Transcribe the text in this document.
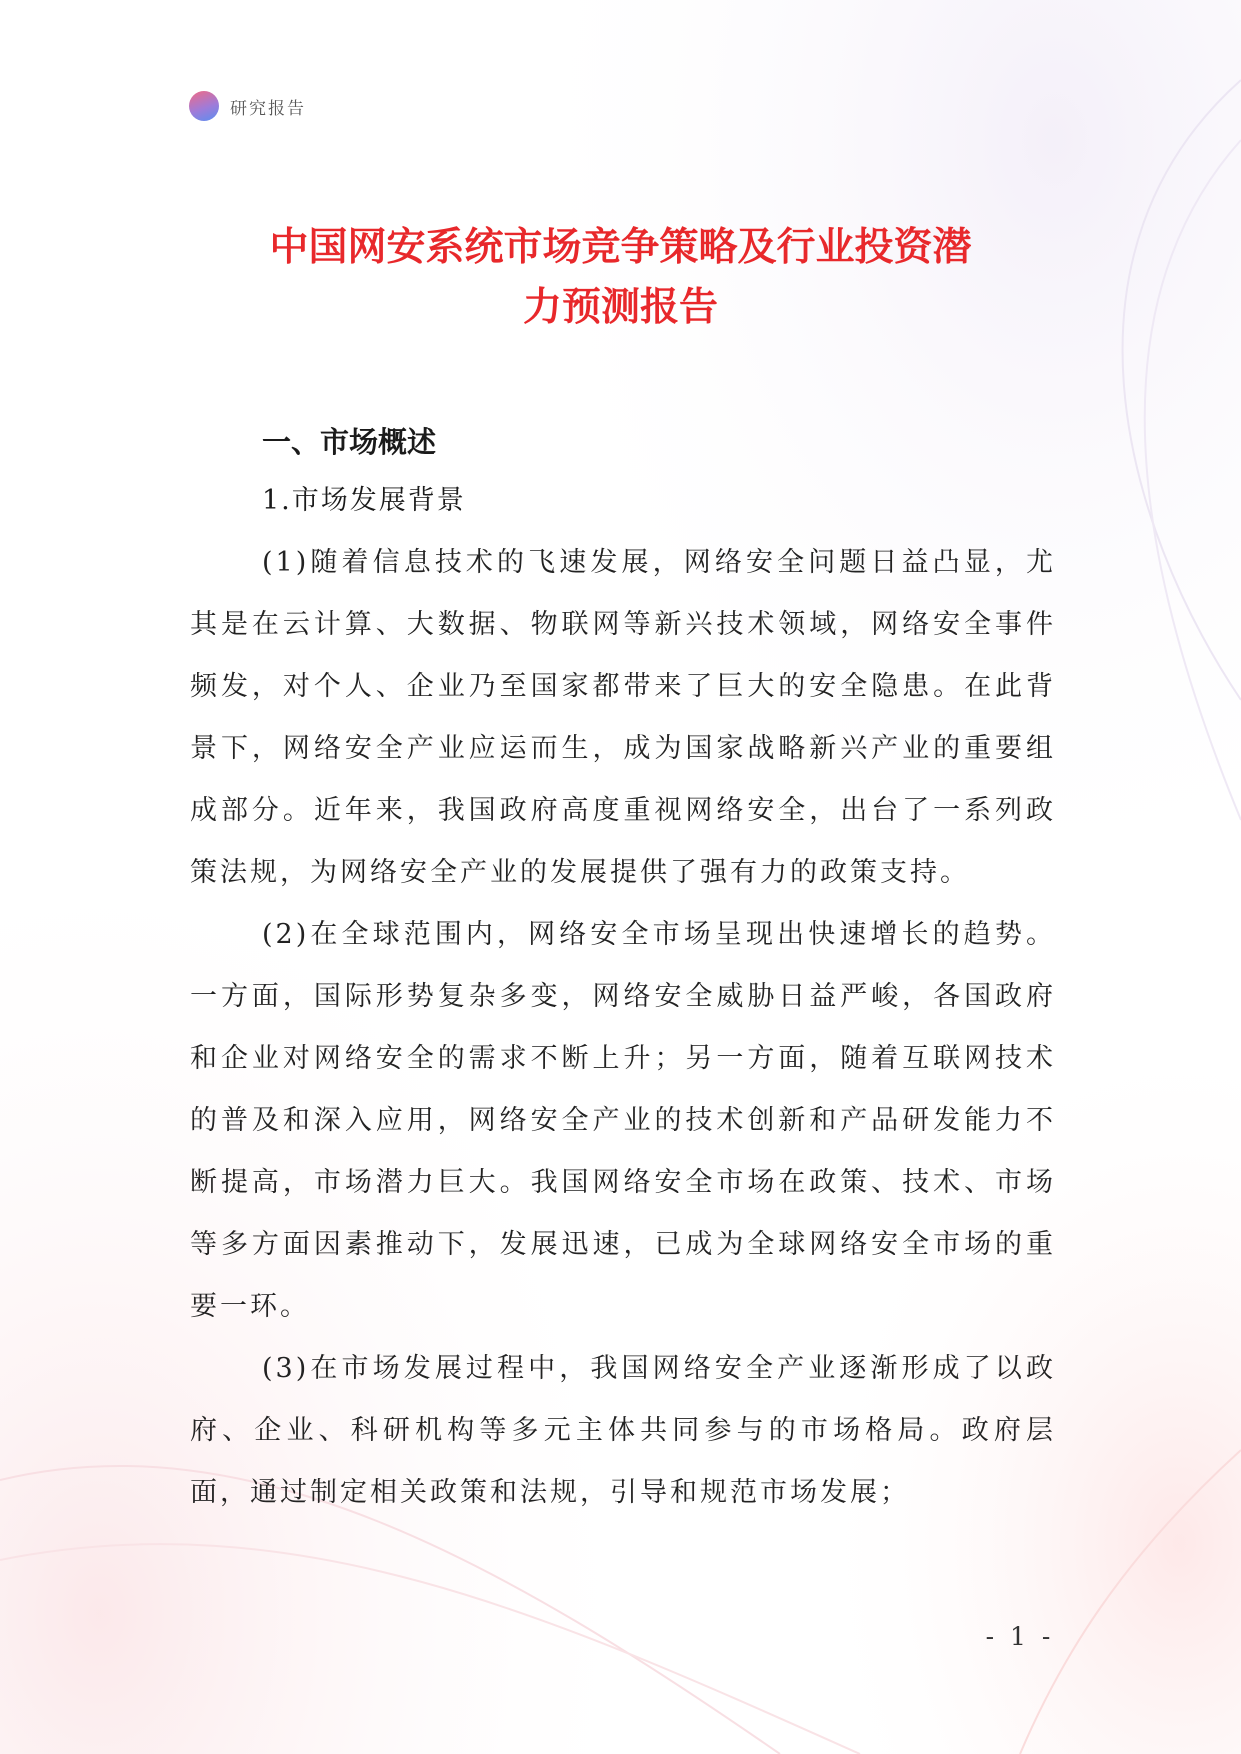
研究报告
中国网安系统市场竞争策略及行业投资潜
力预测报告
一、市场概述
1.市场发展背景

(1)随着信息技术的飞速发展，网络安全问题日益凸显，尤其是在云计算、大数据、物联网等新兴技术领域，网络安全事件频发，对个人、企业乃至国家都带来了巨大的安全隐患。在此背景下，网络安全产业应运而生，成为国家战略新兴产业的重要组成部分。近年来，我国政府高度重视网络安全，出台了一系列政策法规，为网络安全产业的发展提供了强有力的政策支持。

(2)在全球范围内，网络安全市场呈现出快速增长的趋势。一方面，国际形势复杂多变，网络安全威胁日益严峻，各国政府和企业对网络安全的需求不断上升；另一方面，随着互联网技术的普及和深入应用，网络安全产业的技术创新和产品研发能力不断提高，市场潜力巨大。我国网络安全市场在政策、技术、市场等多方面因素推动下，发展迅速，已成为全球网络安全市场的重要一环。

(3)在市场发展过程中，我国网络安全产业逐渐形成了以政府、企业、科研机构等多元主体共同参与的市场格局。政府层面，通过制定相关政策和法规，引导和规范市场发展；

- 1 -
